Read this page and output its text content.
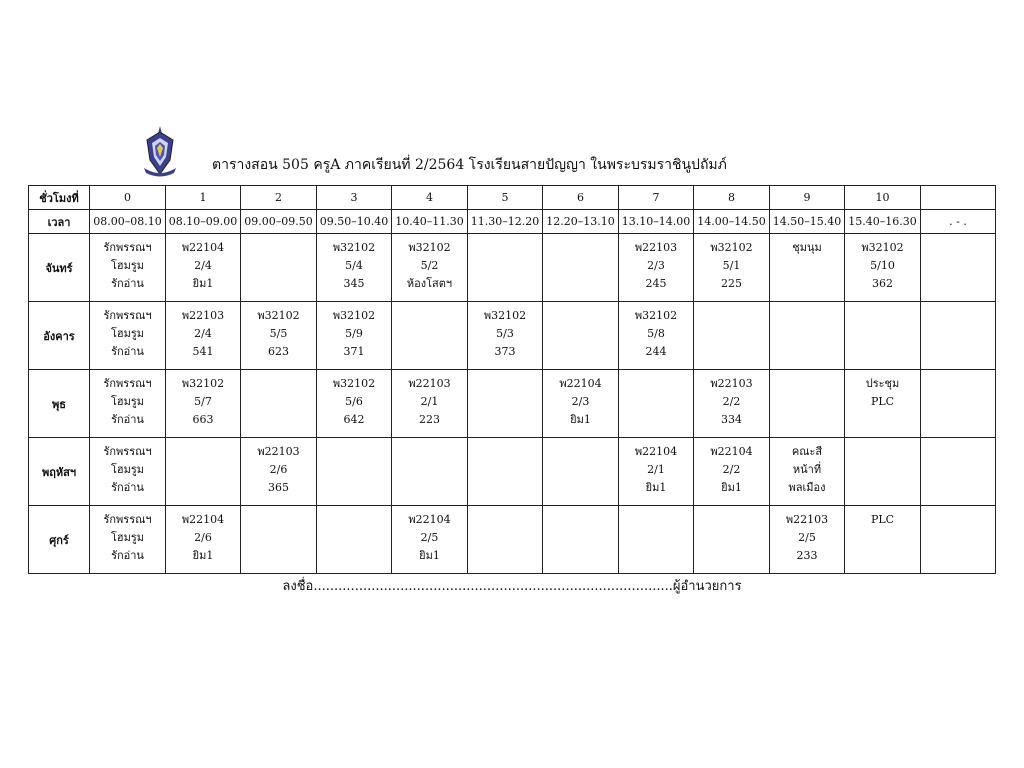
ตารางสอน 505 ครูA ภาคเรียนที่ 2/2564 โรงเรียนสายปัญญา ในพระบรมราชินูปถัมภ์
ชั่วโมงที่	0	1	2	3	4	5	6	7	8	9	10	
เวลา	08.00–08.10	08.10–09.00	09.00–09.50	09.50–10.40	10.40–11.30	11.30–12.20	12.20–13.10	13.10–14.00	14.00–14.50	14.50–15.40	15.40–16.30	. - .
จันทร์	รักพรรณฯ
โฮมรูม
รักอ่าน	พ22104
2/4
ยิม1		พ32102
5/4
345	พ32102
5/2
ห้องโสตฯ			พ22103
2/3
245	พ32102
5/1
225	ชุมนุม	พ32102
5/10
362	

อังคาร	รักพรรณฯ
โฮมรูม
รักอ่าน	พ22103
2/4
541	พ32102
5/5
623	พ32102
5/9
371		พ32102
5/3
373		พ32102
5/8
244				

พุธ	รักพรรณฯ
โฮมรูม
รักอ่าน	พ32102
5/7
663		พ32102
5/6
642	พ22103
2/1
223		พ22104
2/3
ยิม1		พ22103
2/2
334		ประชุม
PLC	

พฤหัสฯ	รักพรรณฯ
โฮมรูม
รักอ่าน		พ22103
2/6
365					พ22104
2/1
ยิม1	พ22104
2/2
ยิม1	คณะสี
หน้าที่
พลเมือง		

ศุกร์	รักพรรณฯ
โฮมรูม
รักอ่าน	พ22104
2/6
ยิม1			พ22104
2/5
ยิม1					พ22103
2/5
233	PLC	

ลงชื่อ.......................................................................................ผู้อำนวยการ
